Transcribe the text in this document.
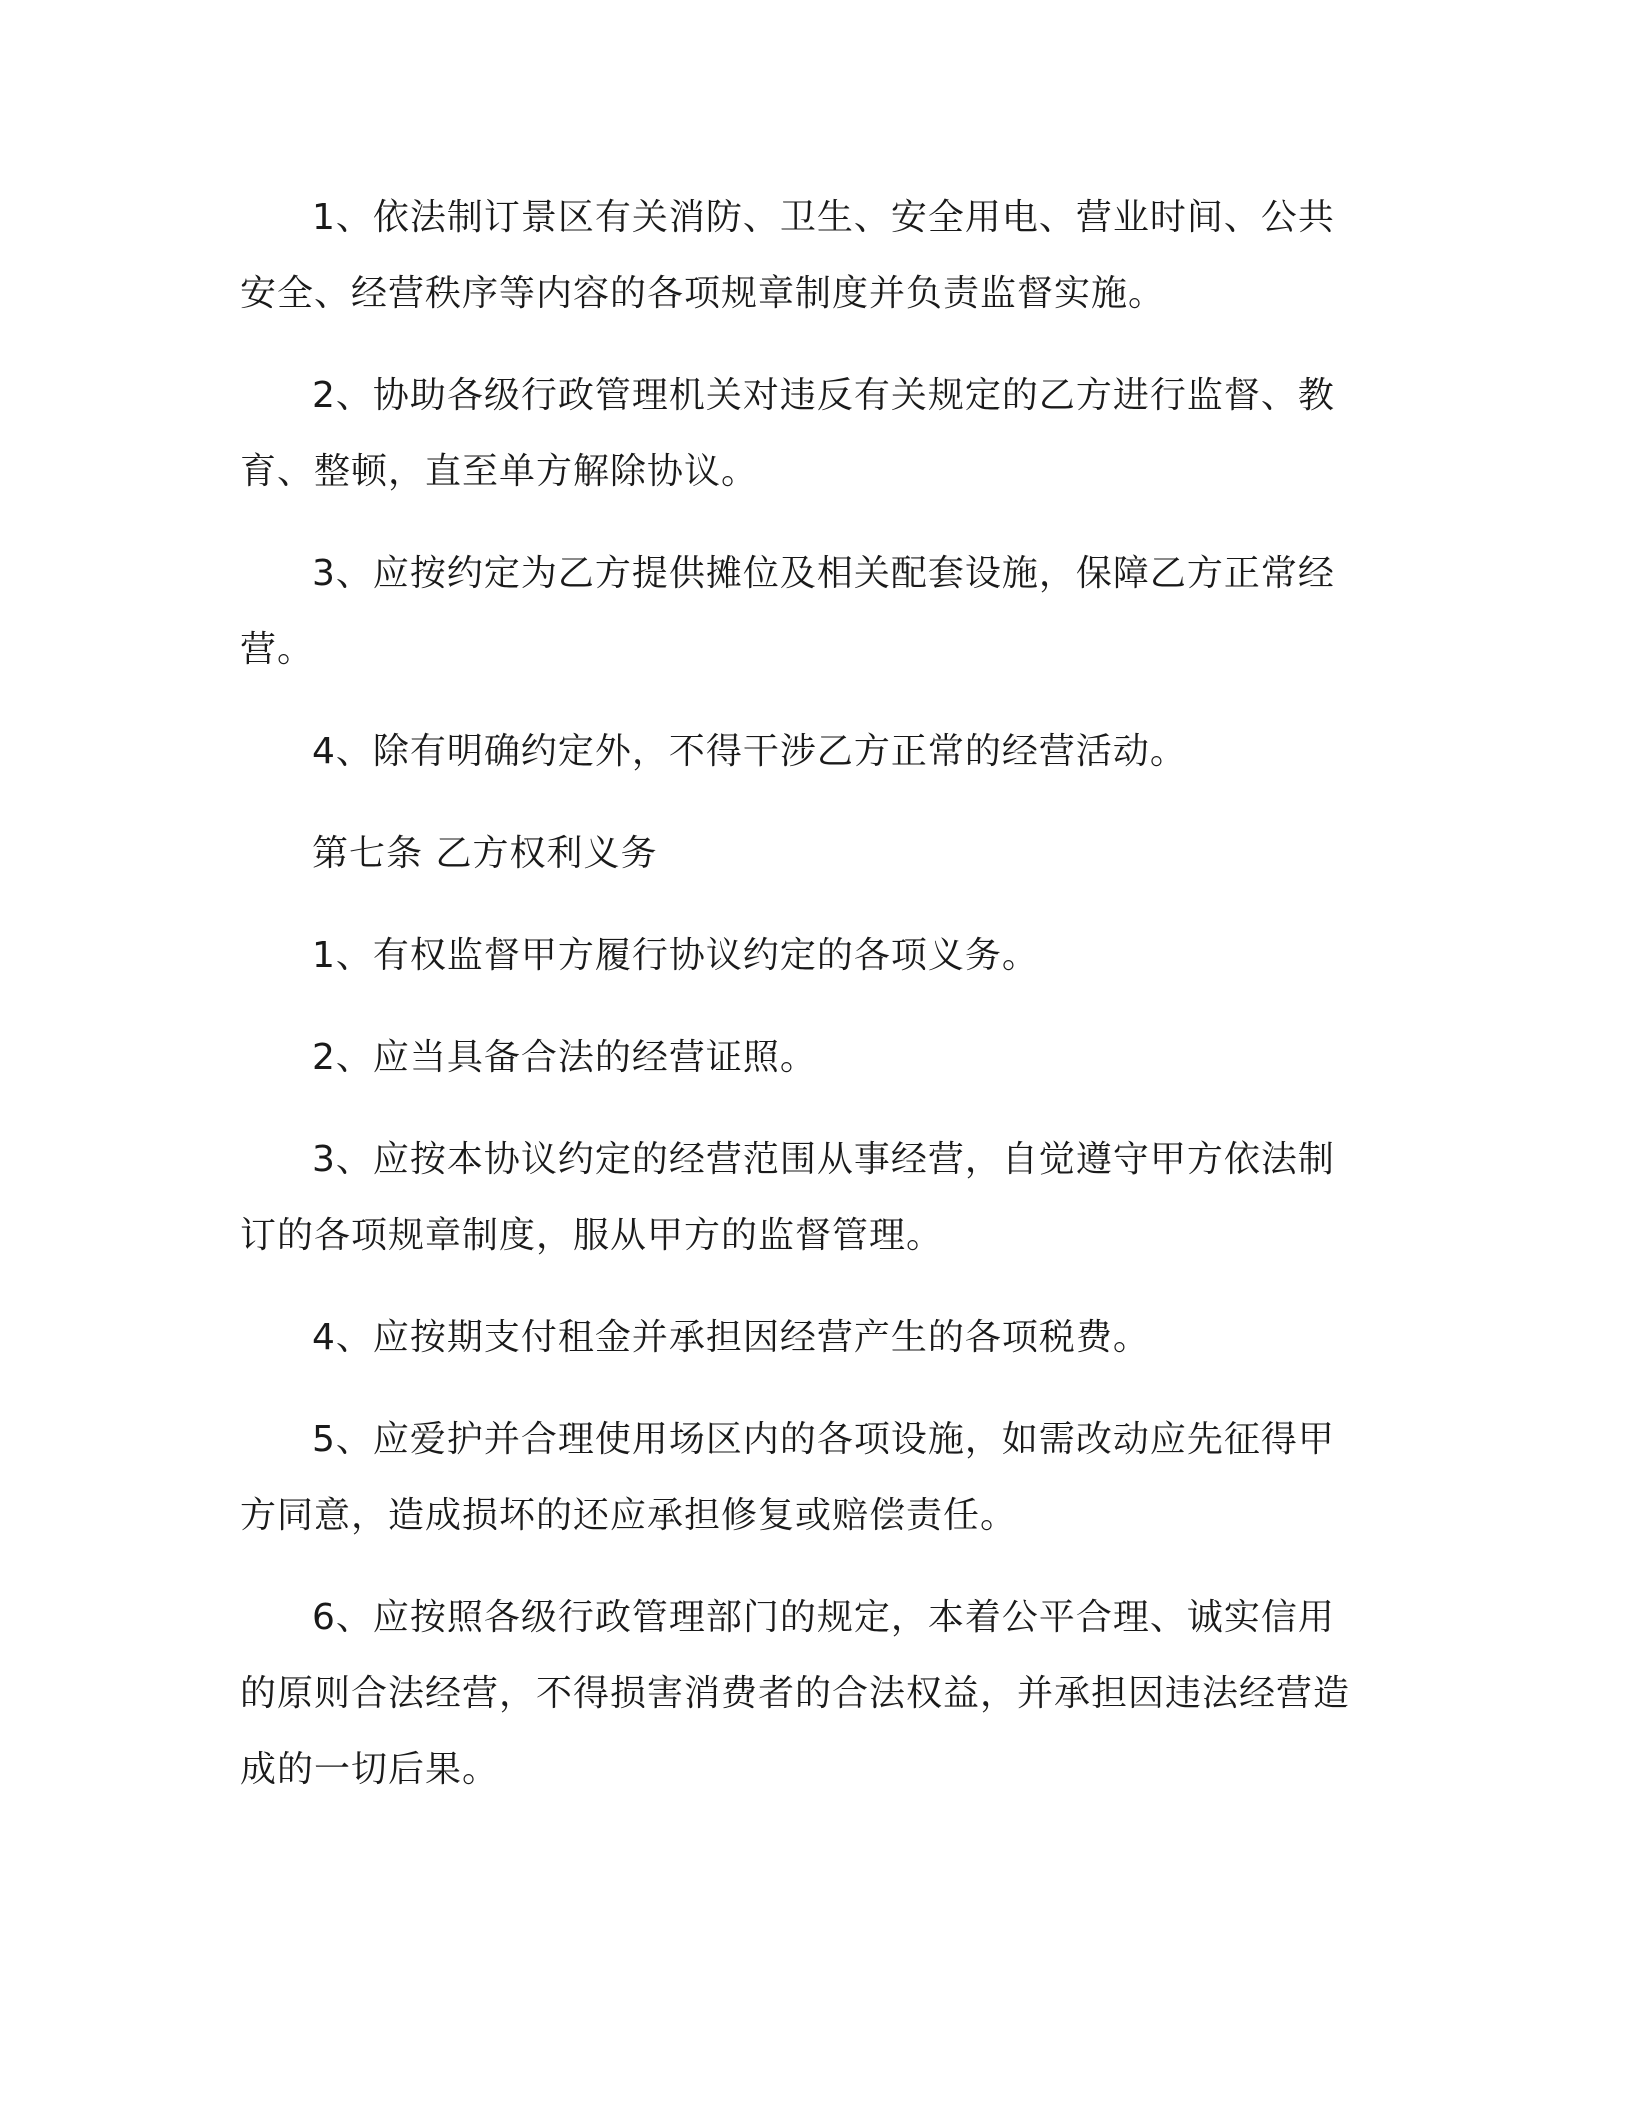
1、依法制订景区有关消防、卫生、安全用电、营业时间、公共安全、经营秩序等内容的各项规章制度并负责监督实施。

2、协助各级行政管理机关对违反有关规定的乙方进行监督、教育、整顿，直至单方解除协议。

3、应按约定为乙方提供摊位及相关配套设施，保障乙方正常经营。

4、除有明确约定外，不得干涉乙方正常的经营活动。

第七条 乙方权利义务

1、有权监督甲方履行协议约定的各项义务。

2、应当具备合法的经营证照。

3、应按本协议约定的经营范围从事经营，自觉遵守甲方依法制订的各项规章制度，服从甲方的监督管理。

4、应按期支付租金并承担因经营产生的各项税费。

5、应爱护并合理使用场区内的各项设施，如需改动应先征得甲方同意，造成损坏的还应承担修复或赔偿责任。

6、应按照各级行政管理部门的规定，本着公平合理、诚实信用的原则合法经营，不得损害消费者的合法权益，并承担因违法经营造成的一切后果。
